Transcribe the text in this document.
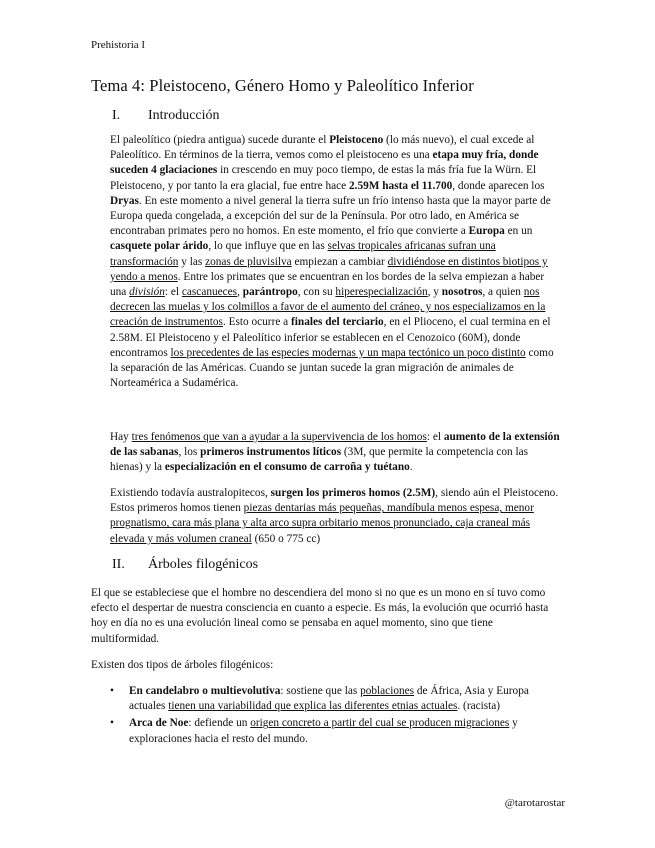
Prehistoria I
Tema 4: Pleistoceno, Género Homo y Paleolítico Inferior
I. Introducción

El paleolítico (piedra antigua) sucede durante el Pleistoceno (lo más nuevo), el cual excede al Paleolítico. En términos de la tierra, vemos como el pleistoceno es una etapa muy fría, donde suceden 4 glaciaciones in crescendo en muy poco tiempo, de estas la más fría fue la Würn. El Pleistoceno, y por tanto la era glacial, fue entre hace 2.59M hasta el 11.700, donde aparecen los Dryas. En este momento a nivel general la tierra sufre un frío intenso hasta que la mayor parte de Europa queda congelada, a excepción del sur de la Península. Por otro lado, en América se encontraban primates pero no homos. En este momento, el frío que convierte a Europa en un casquete polar árido, lo que influye que en las selvas tropicales africanas sufran una transformación y las zonas de pluvisilva empiezan a cambiar dividiéndose en distintos biotipos y yendo a menos. Entre los primates que se encuentran en los bordes de la selva empiezan a haber una división: el cascanueces, parántropo, con su hiperespecialización, y nosotros, a quien nos decrecen las muelas y los colmillos a favor de el aumento del cráneo, y nos especializamos en la creación de instrumentos. Esto ocurre a finales del terciario, en el Plioceno, el cual termina en el 2.58M. El Pleistoceno y el Paleolítico inferior se establecen en el Cenozoico (60M), donde encontramos los precedentes de las especies modernas y un mapa tectónico un poco distinto como la separación de las Américas. Cuando se juntan sucede la gran migración de animales de Norteamérica a Sudamérica.

Hay tres fenómenos que van a ayudar a la supervivencia de los homos: el aumento de la extensión de las sabanas, los primeros instrumentos líticos (3M, que permite la competencia con las hienas) y la especialización en el consumo de carroña y tuétano.

Existiendo todavía australopitecos, surgen los primeros homos (2.5M), siendo aún el Pleistoceno. Estos primeros homos tienen piezas dentarias más pequeñas, mandíbula menos espesa, menor prognatismo, cara más plana y alta arco supra orbitario menos pronunciado, caja craneal más elevada y más volumen craneal (650 o 775 cc)

II. Árboles filogénicos

El que se estableciese que el hombre no descendiera del mono si no que es un mono en sí tuvo como efecto el despertar de nuestra consciencia en cuanto a especie. Es más, la evolución que ocurrió hasta hoy en día no es una evolución lineal como se pensaba en aquel momento, sino que tiene multiformidad.

Existen dos tipos de árboles filogénicos:

• En candelabro o multievolutiva: sostiene que las poblaciones de África, Asia y Europa actuales tienen una variabilidad que explica las diferentes etnias actuales. (racista)
• Arca de Noe: defiende un origen concreto a partir del cual se producen migraciones y exploraciones hacia el resto del mundo.
@tarotarostar
